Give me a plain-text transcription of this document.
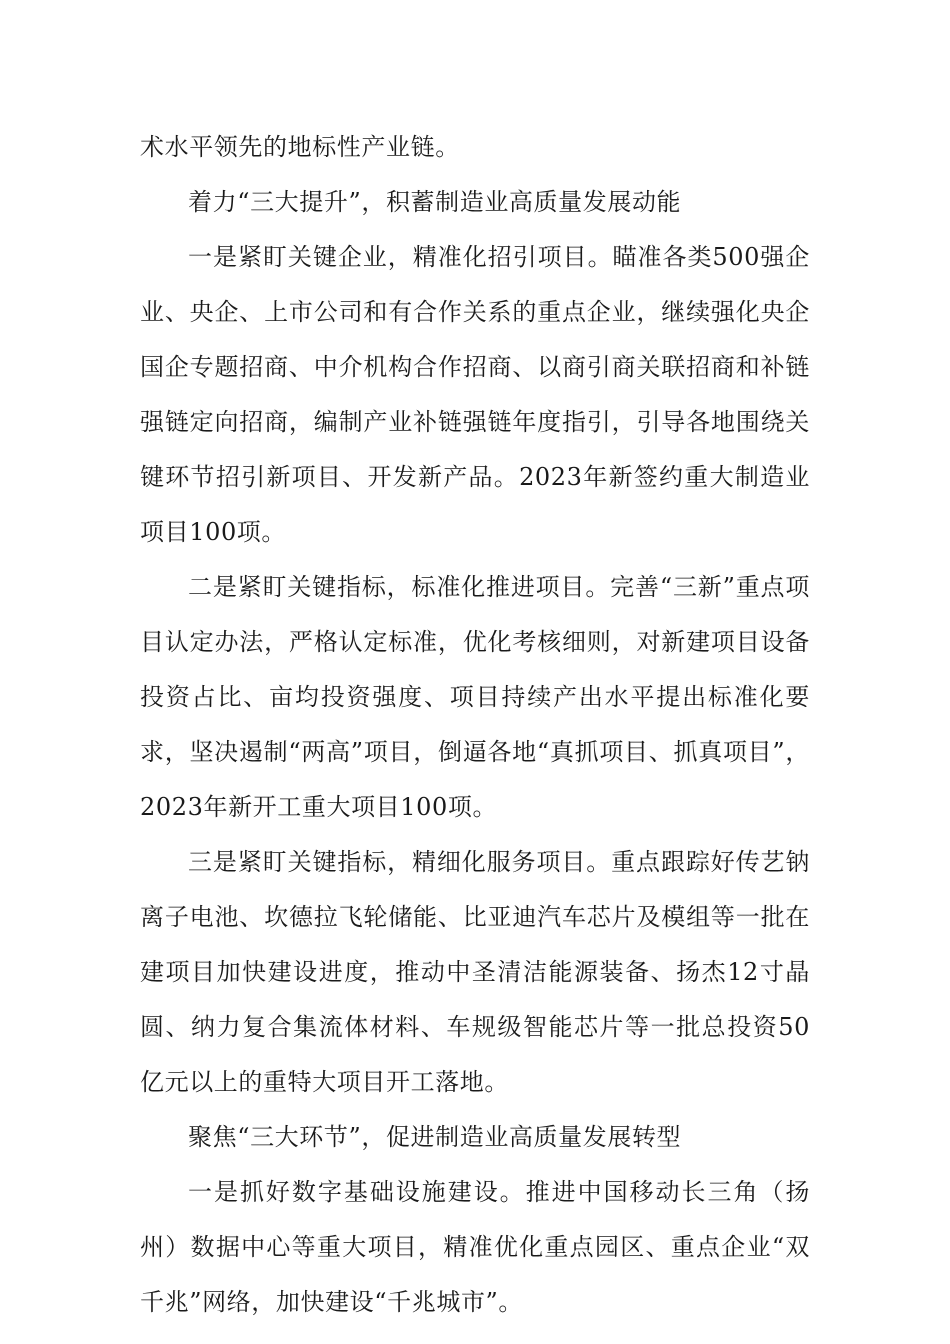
术水平领先的地标性产业链。

着力“三大提升”，积蓄制造业高质量发展动能

一是紧盯关键企业，精准化招引项目。瞄准各类500强企业、央企、上市公司和有合作关系的重点企业，继续强化央企国企专题招商、中介机构合作招商、以商引商关联招商和补链强链定向招商，编制产业补链强链年度指引，引导各地围绕关键环节招引新项目、开发新产品。2023年新签约重大制造业项目100项。

二是紧盯关键指标，标准化推进项目。完善“三新”重点项目认定办法，严格认定标准，优化考核细则，对新建项目设备投资占比、亩均投资强度、项目持续产出水平提出标准化要求，坚决遏制“两高”项目，倒逼各地“真抓项目、抓真项目”，2023年新开工重大项目100项。

三是紧盯关键指标，精细化服务项目。重点跟踪好传艺钠离子电池、坎德拉飞轮储能、比亚迪汽车芯片及模组等一批在建项目加快建设进度，推动中圣清洁能源装备、扬杰12寸晶圆、纳力复合集流体材料、车规级智能芯片等一批总投资50亿元以上的重特大项目开工落地。

聚焦“三大环节”，促进制造业高质量发展转型

一是抓好数字基础设施建设。推进中国移动长三角（扬州）数据中心等重大项目，精准优化重点园区、重点企业“双千兆”网络，加快建设“千兆城市”。
